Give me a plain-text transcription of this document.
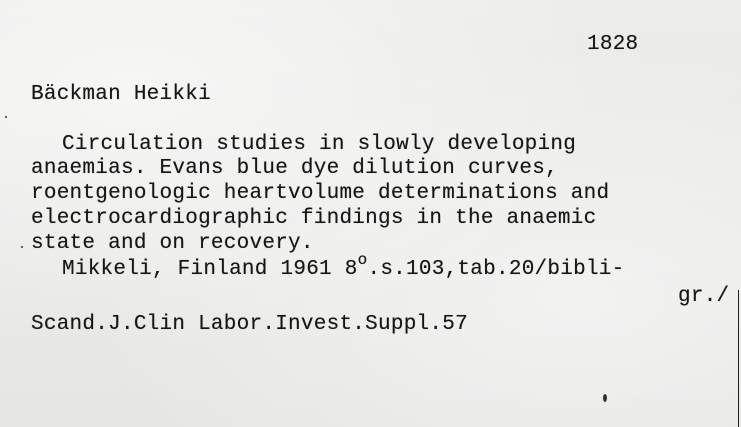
1828
Bäckman Heikki
Circulation studies in slowly developing
anaemias. Evans blue dye dilution curves,
roentgenologic heartvolume determinations and
electrocardiographic findings in the anaemic
state and on recovery.
Mikkeli, Finland 1961 8$^o$.s.103,tab.20/bibli-
gr./
Scand.J.Clin Labor.Invest.Suppl.57
